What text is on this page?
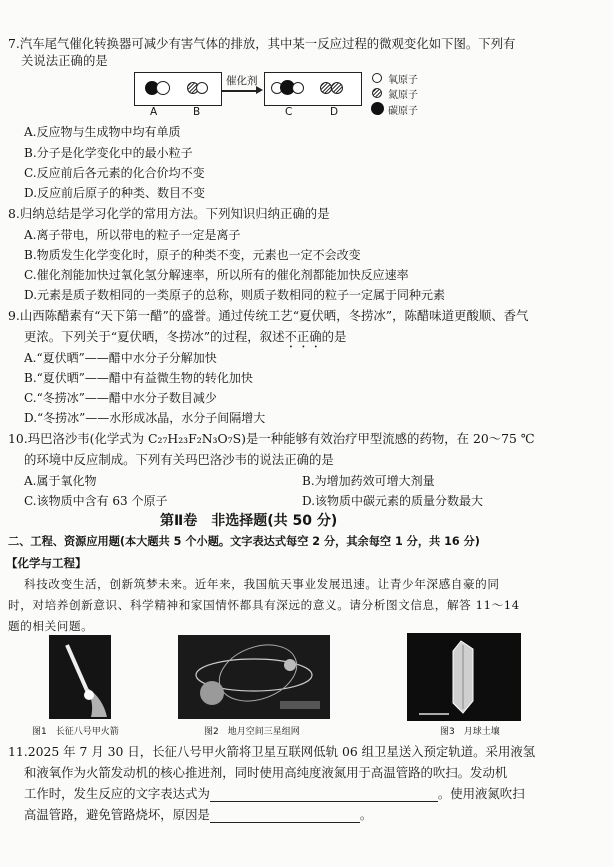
7.汽车尾气催化转换器可减少有害气体的排放，其中某一反应过程的微观变化如下图。下列有
关说法正确的是
催化剂
A	B	C	D
氧原子
氮原子
碳原子
A.反应物与生成物中均有单质
B.分子是化学变化中的最小粒子
C.反应前后各元素的化合价均不变
D.反应前后原子的种类、数目不变
8.归纳总结是学习化学的常用方法。下列知识归纳正确的是
A.离子带电，所以带电的粒子一定是离子
B.物质发生化学变化时，原子的种类不变，元素也一定不会改变
C.催化剂能加快过氧化氢分解速率，所以所有的催化剂都能加快反应速率
D.元素是质子数相同的一类原子的总称，则质子数相同的粒子一定属于同种元素
9.山西陈醋素有“天下第一醋”的盛誉。通过传统工艺“夏伏晒，冬捞冰”，陈醋味道更酸顺、香气
更浓。下列关于“夏伏晒，冬捞冰”的过程，叙述不正确的是
A.“夏伏晒”——醋中水分子分解加快
B.“夏伏晒”——醋中有益微生物的转化加快
C.“冬捞冰”——醋中水分子数目减少
D.“冬捞冰”——水形成冰晶，水分子间隔增大
10.玛巴洛沙韦(化学式为 C₂₇H₂₃F₂N₃O₇S)是一种能够有效治疗甲型流感的药物，在 20～75 ℃
的环境中反应制成。下列有关玛巴洛沙韦的说法正确的是
A.属于氧化物	B.为增加药效可增大剂量
C.该物质中含有 63 个原子	D.该物质中碳元素的质量分数最大
第Ⅱ卷　非选择题(共 50 分)
二、工程、资源应用题(本大题共 5 个小题。文字表达式每空 2 分，其余每空 1 分，共 16 分)
【化学与工程】
科技改变生活，创新筑梦未来。近年来，我国航天事业发展迅速。让青少年深感自豪的同
时，对培养创新意识、科学精神和家国情怀都具有深远的意义。请分析图文信息，解答 11～14
题的相关问题。
图1　长征八号甲火箭	图2　地月空间三星组网	图3　月球土壤
11.2025 年 7 月 30 日，长征八号甲火箭将卫星互联网低轨 06 组卫星送入预定轨道。采用液氢
和液氧作为火箭发动机的核心推进剂，同时使用高纯度液氮用于高温管路的吹扫。发动机
工作时，发生反应的文字表达式为	。使用液氮吹扫
高温管路，避免管路烧坏，原因是	。
